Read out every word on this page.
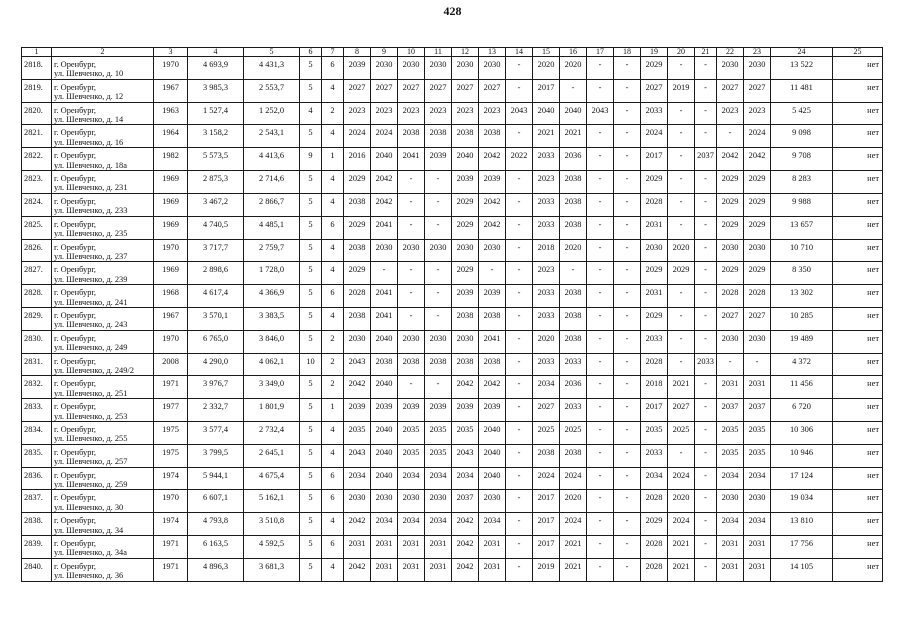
428
1	2	3	4	5	6	7	8	9	10	11	12	13	14	15	16	17	18	19	20	21	22	23	24	25
2818.	г. Оренбург,
ул. Шевченко, д. 10	1970	4 693,9	4 431,3	5	6	2039	2030	2030	2030	2030	2030	-	2020	2020	-	-	2029	-	-	2030	2030	13 522	нет
2819.	г. Оренбург,
ул. Шевченко, д. 12	1967	3 985,3	2 553,7	5	4	2027	2027	2027	2027	2027	2027	-	2017	-	-	-	2027	2019	-	2027	2027	11 481	нет
2820.	г. Оренбург,
ул. Шевченко, д. 14	1963	1 527,4	1 252,0	4	2	2023	2023	2023	2023	2023	2023	2043	2040	2040	2043	-	2033	-	-	2023	2023	5 425	нет
2821.	г. Оренбург,
ул. Шевченко, д. 16	1964	3 158,2	2 543,1	5	4	2024	2024	2038	2038	2038	2038	-	2021	2021	-	-	2024	-	-	-	2024	9 098	нет
2822.	г. Оренбург,
ул. Шевченко, д. 18а	1982	5 573,5	4 413,6	9	1	2016	2040	2041	2039	2040	2042	2022	2033	2036	-	-	2017	-	2037	2042	2042	9 708	нет
2823.	г. Оренбург,
ул. Шевченко, д. 231	1969	2 875,3	2 714,6	5	4	2029	2042	-	-	2039	2039	-	2023	2038	-	-	2029	-	-	2029	2029	8 283	нет
2824.	г. Оренбург,
ул. Шевченко, д. 233	1969	3 467,2	2 866,7	5	4	2038	2042	-	-	2029	2042	-	2033	2038	-	-	2028	-	-	2029	2029	9 988	нет
2825.	г. Оренбург,
ул. Шевченко, д. 235	1969	4 740,5	4 485,1	5	6	2029	2041	-	-	2029	2042	-	2033	2038	-	-	2031	-	-	2029	2029	13 657	нет
2826.	г. Оренбург,
ул. Шевченко, д. 237	1970	3 717,7	2 759,7	5	4	2038	2030	2030	2030	2030	2030	-	2018	2020	-	-	2030	2020	-	2030	2030	10 710	нет
2827.	г. Оренбург,
ул. Шевченко, д. 239	1969	2 898,6	1 728,0	5	4	2029	-	-	-	2029	-	-	2023	-	-	-	2029	2029	-	2029	2029	8 350	нет
2828.	г. Оренбург,
ул. Шевченко, д. 241	1968	4 617,4	4 366,9	5	6	2028	2041	-	-	2039	2039	-	2033	2038	-	-	2031	-	-	2028	2028	13 302	нет
2829.	г. Оренбург,
ул. Шевченко, д. 243	1967	3 570,1	3 383,5	5	4	2038	2041	-	-	2038	2038	-	2033	2038	-	-	2029	-	-	2027	2027	10 285	нет
2830.	г. Оренбург,
ул. Шевченко, д. 249	1970	6 765,0	3 846,0	5	2	2030	2040	2030	2030	2030	2041	-	2020	2038	-	-	2033	-	-	2030	2030	19 489	нет
2831.	г. Оренбург,
ул. Шевченко, д. 249/2	2008	4 290,0	4 062,1	10	2	2043	2038	2038	2038	2038	2038	-	2033	2033	-	-	2028	-	2033	-	-	4 372	нет
2832.	г. Оренбург,
ул. Шевченко, д. 251	1971	3 976,7	3 349,0	5	2	2042	2040	-	-	2042	2042	-	2034	2036	-	-	2018	2021	-	2031	2031	11 456	нет
2833.	г. Оренбург,
ул. Шевченко, д. 253	1977	2 332,7	1 801,9	5	1	2039	2039	2039	2039	2039	2039	-	2027	2033	-	-	2017	2027	-	2037	2037	6 720	нет
2834.	г. Оренбург,
ул. Шевченко, д. 255	1975	3 577,4	2 732,4	5	4	2035	2040	2035	2035	2035	2040	-	2025	2025	-	-	2035	2025	-	2035	2035	10 306	нет
2835.	г. Оренбург,
ул. Шевченко, д. 257	1975	3 799,5	2 645,1	5	4	2043	2040	2035	2035	2043	2040	-	2038	2038	-	-	2033	-	-	2035	2035	10 946	нет
2836.	г. Оренбург,
ул. Шевченко, д. 259	1974	5 944,1	4 675,4	5	6	2034	2040	2034	2034	2034	2040	-	2024	2024	-	-	2034	2024	-	2034	2034	17 124	нет
2837.	г. Оренбург,
ул. Шевченко, д. 30	1970	6 607,1	5 162,1	5	6	2030	2030	2030	2030	2037	2030	-	2017	2020	-	-	2028	2020	-	2030	2030	19 034	нет
2838.	г. Оренбург,
ул. Шевченко, д. 34	1974	4 793,8	3 510,8	5	4	2042	2034	2034	2034	2042	2034	-	2017	2024	-	-	2029	2024	-	2034	2034	13 810	нет
2839.	г. Оренбург,
ул. Шевченко, д. 34а	1971	6 163,5	4 592,5	5	6	2031	2031	2031	2031	2042	2031	-	2017	2021	-	-	2028	2021	-	2031	2031	17 756	нет
2840.	г. Оренбург,
ул. Шевченко, д. 36	1971	4 896,3	3 681,3	5	4	2042	2031	2031	2031	2042	2031	-	2019	2021	-	-	2028	2021	-	2031	2031	14 105	нет
